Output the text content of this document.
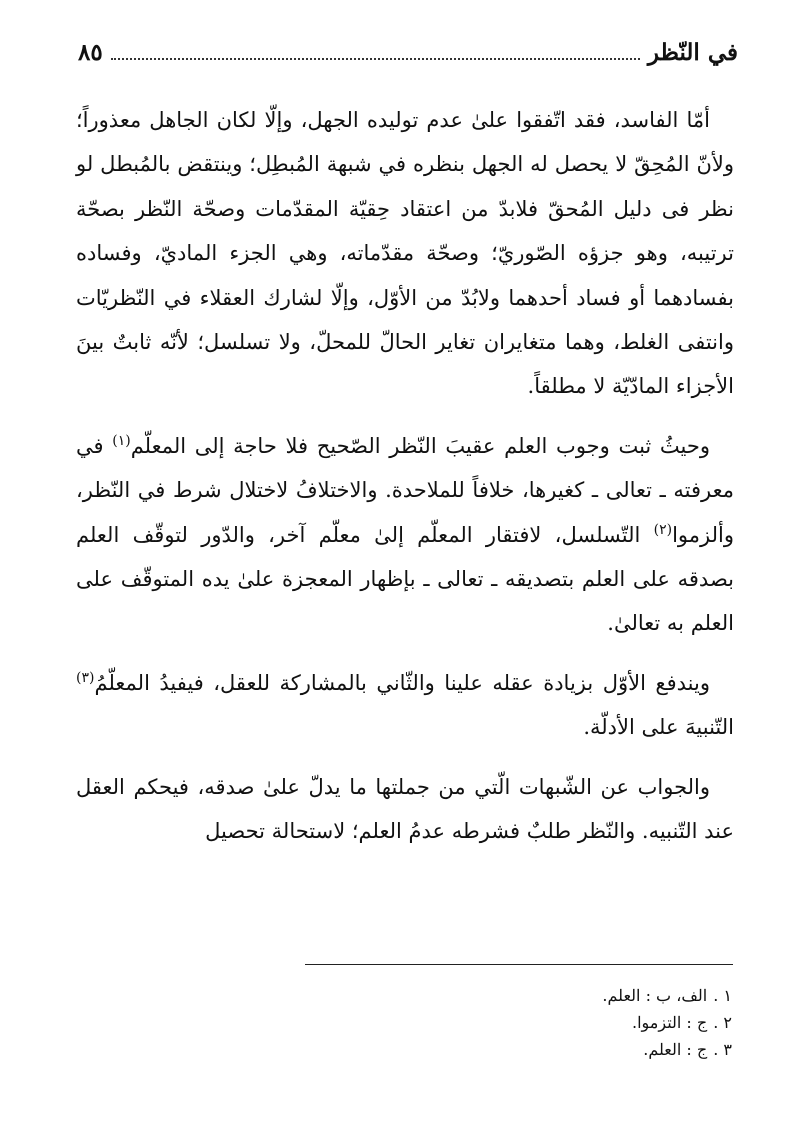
في النّظر
٨٥

أمّا الفاسد، فقد اتّفقوا علىٰ عدم توليده الجهل، وإلّا لكان الجاهل معذوراً؛ ولأنّ المُحِقّ لا يحصل له الجهل بنظره في شبهة المُبطِل؛ وينتقض بالمُبطل لو نظر فى دليل المُحقّ فلابدّ من اعتقاد حِقيّة المقدّمات وصحّة النّظر بصحّة ترتيبه، وهو جزؤه الصّوريّ؛ وصحّة مقدّماته، وهي الجزء الماديّ، وفساده بفسادهما أو فساد أحدهما ولابُدّ من الأوّل، وإلّا لشارك العقلاء في النّظريّات وانتفى الغلط، وهما متغايران تغاير الحالّ للمحلّ، ولا تسلسل؛ لأنّه ثابتٌ بينَ الأجزاء المادّيّة لا مطلقاً.

وحيثُ ثبت وجوب العلم عقيبَ النّظر الصّحيح فلا حاجة إلى المعلّم$^{(١)}$ في معرفته ـ تعالى ـ كغيرها، خلافاً للملاحدة. والاختلافُ لاختلال شرط في النّظر، وألزموا$^{(٢)}$ التّسلسل، لافتقار المعلّم إلىٰ معلّم آخر، والدّور لتوقّف العلم بصدقه على العلم بتصديقه ـ تعالى ـ بإظهار المعجزة علىٰ يده المتوقّف على العلم به تعالىٰ.

ويندفع الأوّل بزيادة عقله علينا والثّاني بالمشاركة للعقل، فيفيدُ المعلّمُ$^{(٣)}$ التّنبيهَ على الأدلّة.

والجواب عن الشّبهات الّتي من جملتها ما يدلّ علىٰ صدقه، فيحكم العقل عند التّنبيه. والنّظر طلبٌ فشرطه عدمُ العلم؛ لاستحالة تحصيل

١ .الف، ب : العلم.
٢ .ج : التزموا.
٣ .ج : العلم.
